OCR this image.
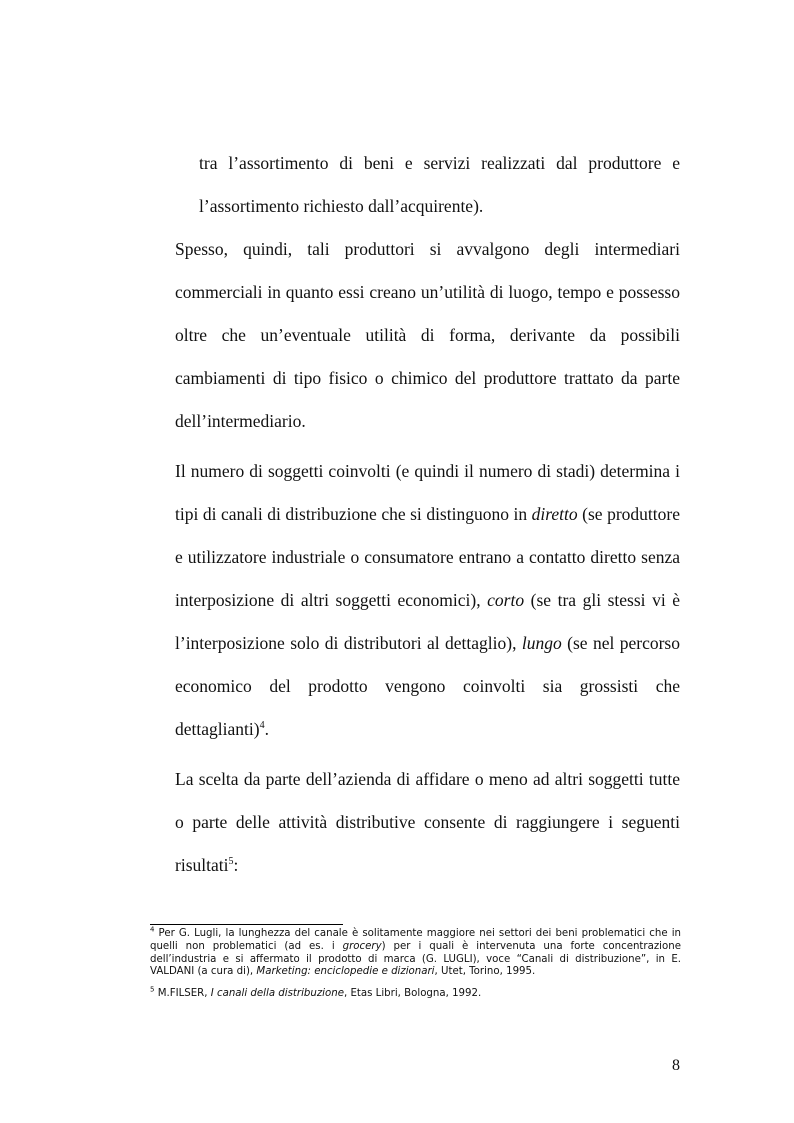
tra l’assortimento di beni e servizi realizzati dal produttore e l’assortimento richiesto dall’acquirente).

Spesso, quindi, tali produttori si avvalgono degli intermediari commerciali in quanto essi creano un’utilità di luogo, tempo e possesso oltre che un’eventuale utilità di forma, derivante da possibili cambiamenti di tipo fisico o chimico del produttore trattato da parte dell’intermediario.

Il numero di soggetti coinvolti (e quindi il numero di stadi) determina i tipi di canali di distribuzione che si distinguono in diretto (se produttore e utilizzatore industriale o consumatore entrano a contatto diretto senza interposizione di altri soggetti economici), corto (se tra gli stessi vi è l’interposizione solo di distributori al dettaglio), lungo (se nel percorso economico del prodotto vengono coinvolti sia grossisti che dettaglianti)$^4$.

La scelta da parte dell’azienda di affidare o meno ad altri soggetti tutte o parte delle attività distributive consente di raggiungere i seguenti risultati$^5$:

$^4$ Per G. Lugli, la lunghezza del canale è solitamente maggiore nei settori dei beni problematici che in quelli non problematici (ad es. i grocery) per i quali è intervenuta una forte concentrazione dell’industria e si affermato il prodotto di marca (G. LUGLI), voce “Canali di distribuzione”, in E. VALDANI (a cura di), Marketing: enciclopedie e dizionari, Utet, Torino, 1995.

$^5$ M.FILSER, I canali della distribuzione, Etas Libri, Bologna, 1992.

8
